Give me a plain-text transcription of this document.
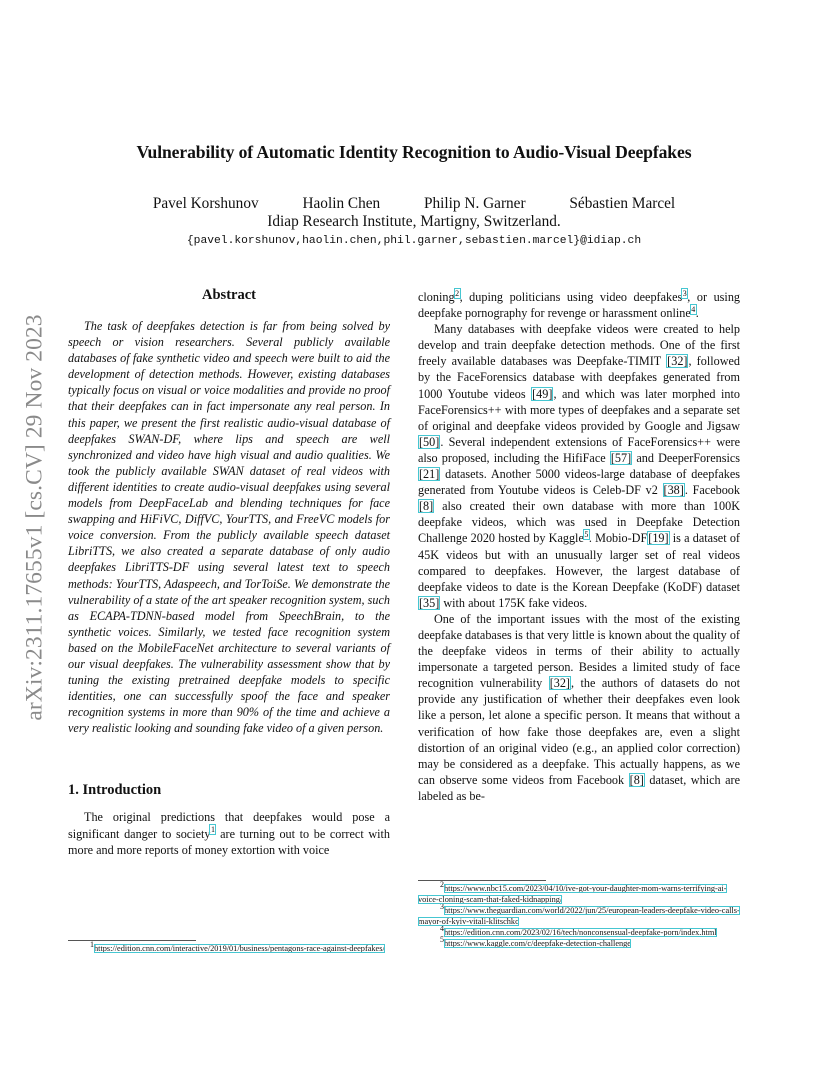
arXiv:2311.17655v1 [cs.CV] 29 Nov 2023
Vulnerability of Automatic Identity Recognition to Audio-Visual Deepfakes
Pavel Korshunov	Haolin Chen	Philip N. Garner	Sébastien Marcel
Idiap Research Institute, Martigny, Switzerland.
{pavel.korshunov,haolin.chen,phil.garner,sebastien.marcel}@idiap.ch
Abstract

The task of deepfakes detection is far from being solved by speech or vision researchers. Several publicly available databases of fake synthetic video and speech were built to aid the development of detection methods. However, existing databases typically focus on visual or voice modalities and provide no proof that their deepfakes can in fact impersonate any real person. In this paper, we present the first realistic audio-visual database of deepfakes SWAN-DF, where lips and speech are well synchronized and video have high visual and audio qualities. We took the publicly available SWAN dataset of real videos with different identities to create audio-visual deepfakes using several models from DeepFaceLab and blending techniques for face swapping and HiFiVC, DiffVC, YourTTS, and FreeVC models for voice conversion. From the publicly available speech dataset LibriTTS, we also created a separate database of only audio deepfakes LibriTTS-DF using several latest text to speech methods: YourTTS, Adaspeech, and TorToiSe. We demonstrate the vulnerability of a state of the art speaker recognition system, such as ECAPA-TDNN-based model from SpeechBrain, to the synthetic voices. Similarly, we tested face recognition system based on the MobileFaceNet architecture to several variants of our visual deepfakes. The vulnerability assessment show that by tuning the existing pretrained deepfake models to specific identities, one can successfully spoof the face and speaker recognition systems in more than 90% of the time and achieve a very realistic looking and sounding fake video of a given person.

1. Introduction

The original predictions that deepfakes would pose a significant danger to society$^1$ are turning out to be correct with more and more reports of money extortion with voice

cloning$^2$, duping politicians using video deepfakes$^3$, or using deepfake pornography for revenge or harassment online$^4$.

Many databases with deepfake videos were created to help develop and train deepfake detection methods. One of the first freely available databases was Deepfake-TIMIT [32], followed by the FaceForensics database with deepfakes generated from 1000 Youtube videos [49], and which was later morphed into FaceForensics++ with more types of deepfakes and a separate set of original and deepfake videos provided by Google and Jigsaw [50]. Several independent extensions of FaceForensics++ were also proposed, including the HifiFace [57] and DeeperForensics [21] datasets. Another 5000 videos-large database of deepfakes generated from Youtube videos is Celeb-DF v2 [38]. Facebook [8] also created their own database with more than 100K deepfake videos, which was used in Deepfake Detection Challenge 2020 hosted by Kaggle$^5$. Mobio-DF[19] is a dataset of 45K videos but with an unusually larger set of real videos compared to deepfakes. However, the largest database of deepfake videos to date is the Korean Deepfake (KoDF) dataset [35] with about 175K fake videos.

One of the important issues with the most of the existing deepfake databases is that very little is known about the quality of the deepfake videos in terms of their ability to actually impersonate a targeted person. Besides a limited study of face recognition vulnerability [32], the authors of datasets do not provide any justification of whether their deepfakes even look like a person, let alone a specific person. It means that without a verification of how fake those deepfakes are, even a slight distortion of an original video (e.g., an applied color correction) may be considered as a deepfake. This actually happens, as we can observe some videos from Facebook [8] dataset, which are labeled as be-

$^1$https://edition.cnn.com/interactive/2019/01/business/pentagons-race-against-deepfakes/

$^2$https://www.nbc15.com/2023/04/10/ive-got-your-daughter-mom-warns-terrifying-ai-voice-cloning-scam-that-faked-kidnapping/

$^3$https://www.theguardian.com/world/2022/jun/25/european-leaders-deepfake-video-calls-mayor-of-kyiv-vitali-klitschko

$^4$https://edition.cnn.com/2023/02/16/tech/nonconsensual-deepfake-porn/index.html

$^5$https://www.kaggle.com/c/deepfake-detection-challenge
